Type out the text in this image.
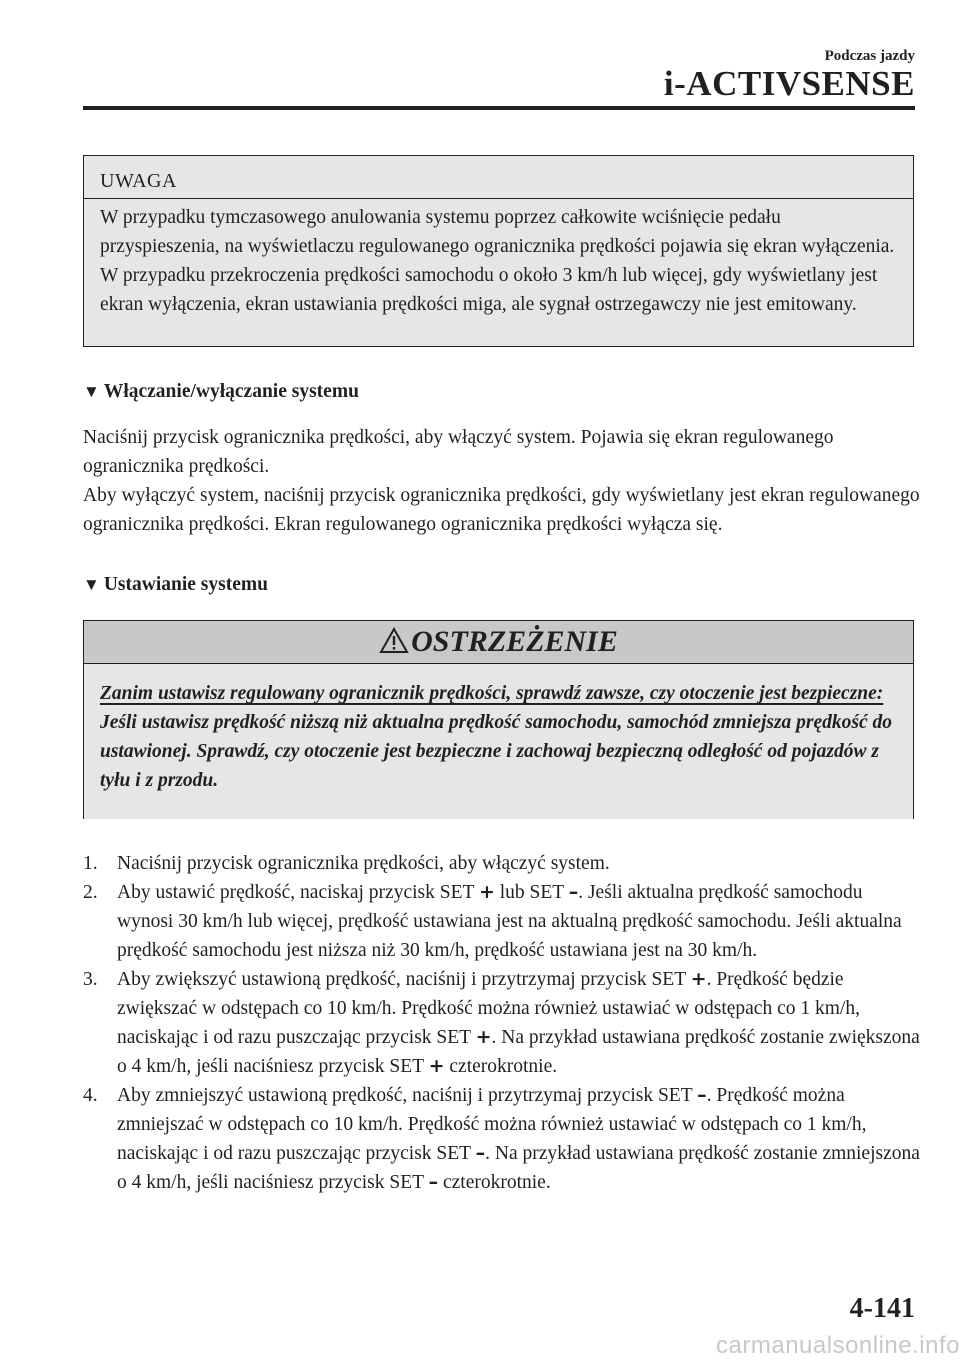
Podczas jazdy
i-ACTIVSENSE
UWAGA
W przypadku tymczasowego anulowania systemu poprzez całkowite wciśnięcie pedału przyspieszenia, na wyświetlaczu regulowanego ogranicznika prędkości pojawia się ekran wyłączenia. W przypadku przekroczenia prędkości samochodu o około 3 km/h lub więcej, gdy wyświetlany jest ekran wyłączenia, ekran ustawiania prędkości miga, ale sygnał ostrzegawczy nie jest emitowany.
▼ Włączanie/wyłączanie systemu
Naciśnij przycisk ogranicznika prędkości, aby włączyć system. Pojawia się ekran regulowanego ogranicznika prędkości.
Aby wyłączyć system, naciśnij przycisk ogranicznika prędkości, gdy wyświetlany jest ekran regulowanego ogranicznika prędkości. Ekran regulowanego ogranicznika prędkości wyłącza się.
▼ Ustawianie systemu
OSTRZEŻENIE
Zanim ustawisz regulowany ogranicznik prędkości, sprawdź zawsze, czy otoczenie jest bezpieczne:
Jeśli ustawisz prędkość niższą niż aktualna prędkość samochodu, samochód zmniejsza prędkość do ustawionej. Sprawdź, czy otoczenie jest bezpieczne i zachowaj bezpieczną odległość od pojazdów z tyłu i z przodu.
1. Naciśnij przycisk ogranicznika prędkości, aby włączyć system.
2. Aby ustawić prędkość, naciskaj przycisk SET + lub SET –. Jeśli aktualna prędkość samochodu wynosi 30 km/h lub więcej, prędkość ustawiana jest na aktualną prędkość samochodu. Jeśli aktualna prędkość samochodu jest niższa niż 30 km/h, prędkość ustawiana jest na 30 km/h.
3. Aby zwiększyć ustawioną prędkość, naciśnij i przytrzymaj przycisk SET +. Prędkość będzie zwiększać w odstępach co 10 km/h. Prędkość można również ustawiać w odstępach co 1 km/h, naciskając i od razu puszczając przycisk SET +. Na przykład ustawiana prędkość zostanie zwiększona o 4 km/h, jeśli naciśniesz przycisk SET + czterokrotnie.
4. Aby zmniejszyć ustawioną prędkość, naciśnij i przytrzymaj przycisk SET –. Prędkość można zmniejszać w odstępach co 10 km/h. Prędkość można również ustawiać w odstępach co 1 km/h, naciskając i od razu puszczając przycisk SET –. Na przykład ustawiana prędkość zostanie zmniejszona o 4 km/h, jeśli naciśniesz przycisk SET – czterokrotnie.
4-141
carmanualsonline.info
